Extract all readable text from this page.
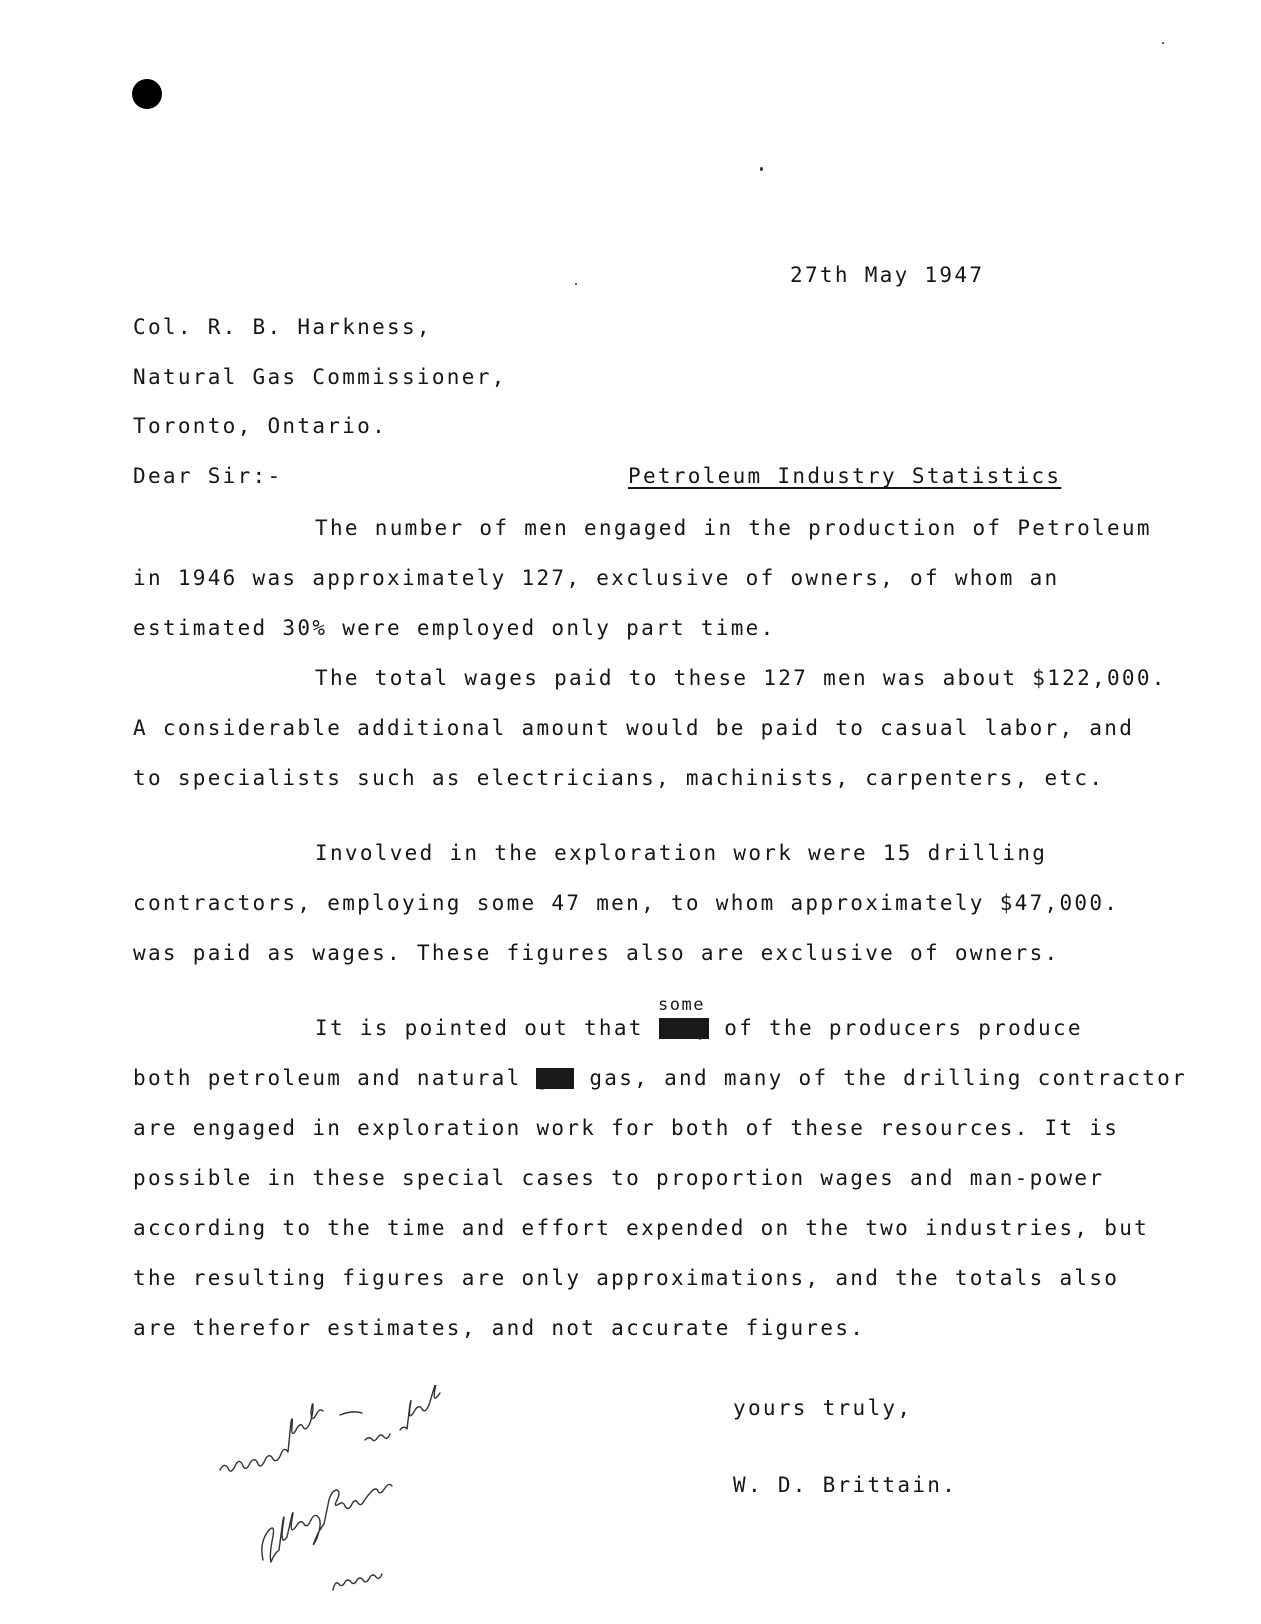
27th May 1947
Col. R. B. Harkness,
Natural Gas Commissioner,
Toronto, Ontario.
Dear Sir:-	Petroleum Industry Statistics
The number of men engaged in the production of Petroleum
in 1946 was approximately 127, exclusive of owners, of whom an
estimated 30% were employed only part time.
The total wages paid to these 127 men was about $122,000.
A considerable additional amount would be paid to casual labor, and
to specialists such as electricians, machinists, carpenters, etc.
Involved in the exploration work were 15 drilling
contractors, employing some 47 men, to whom approximately $47,000.
was paid as wages. These figures also are exclusive of owners.
some
It is pointed out that many of the producers produce
both petroleum and natural gas gas, and many of the drilling contractor
are engaged in exploration work for both of these resources. It is
possible in these special cases to proportion wages and man-power
according to the time and effort expended on the two industries, but
the resulting figures are only approximations, and the totals also
are therefor estimates, and not accurate figures.
yours truly,
W. D. Brittain.
